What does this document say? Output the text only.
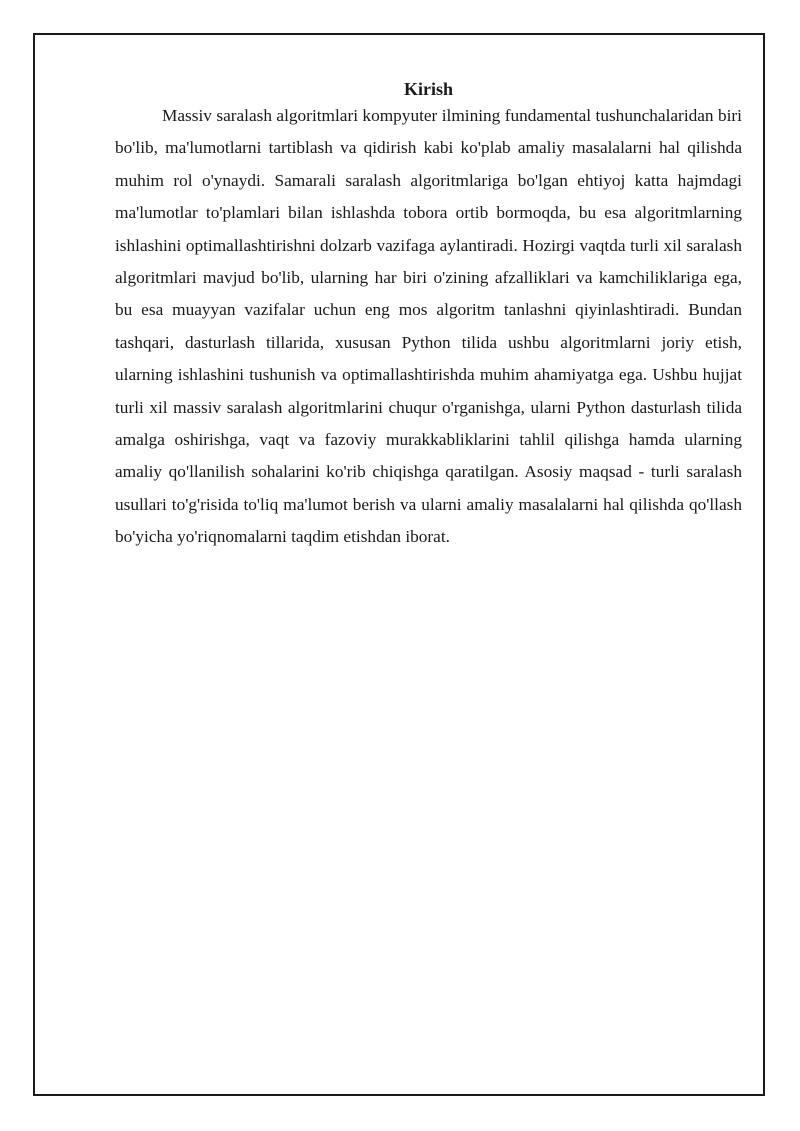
Kirish

Massiv saralash algoritmlari kompyuter ilmining fundamental tushunchalaridan biri bo'lib, ma'lumotlarni tartiblash va qidirish kabi ko'plab amaliy masalalarni hal qilishda muhim rol o'ynaydi. Samarali saralash algoritmlariga bo'lgan ehtiyoj katta hajmdagi ma'lumotlar to'plamlari bilan ishlashda tobora ortib bormoqda, bu esa algoritmlarning ishlashini optimallashtirishni dolzarb vazifaga aylantiradi. Hozirgi vaqtda turli xil saralash algoritmlari mavjud bo'lib, ularning har biri o'zining afzalliklari va kamchiliklariga ega, bu esa muayyan vazifalar uchun eng mos algoritm tanlashni qiyinlashtiradi. Bundan tashqari, dasturlash tillarida, xususan Python tilida ushbu algoritmlarni joriy etish, ularning ishlashini tushunish va optimallashtirishda muhim ahamiyatga ega. Ushbu hujjat turli xil massiv saralash algoritmlarini chuqur o'rganishga, ularni Python dasturlash tilida amalga oshirishga, vaqt va fazoviy murakkabliklarini tahlil qilishga hamda ularning amaliy qo'llanilish sohalarini ko'rib chiqishga qaratilgan. Asosiy maqsad - turli saralash usullari to'g'risida to'liq ma'lumot berish va ularni amaliy masalalarni hal qilishda qo'llash bo'yicha yo'riqnomalarni taqdim etishdan iborat.
